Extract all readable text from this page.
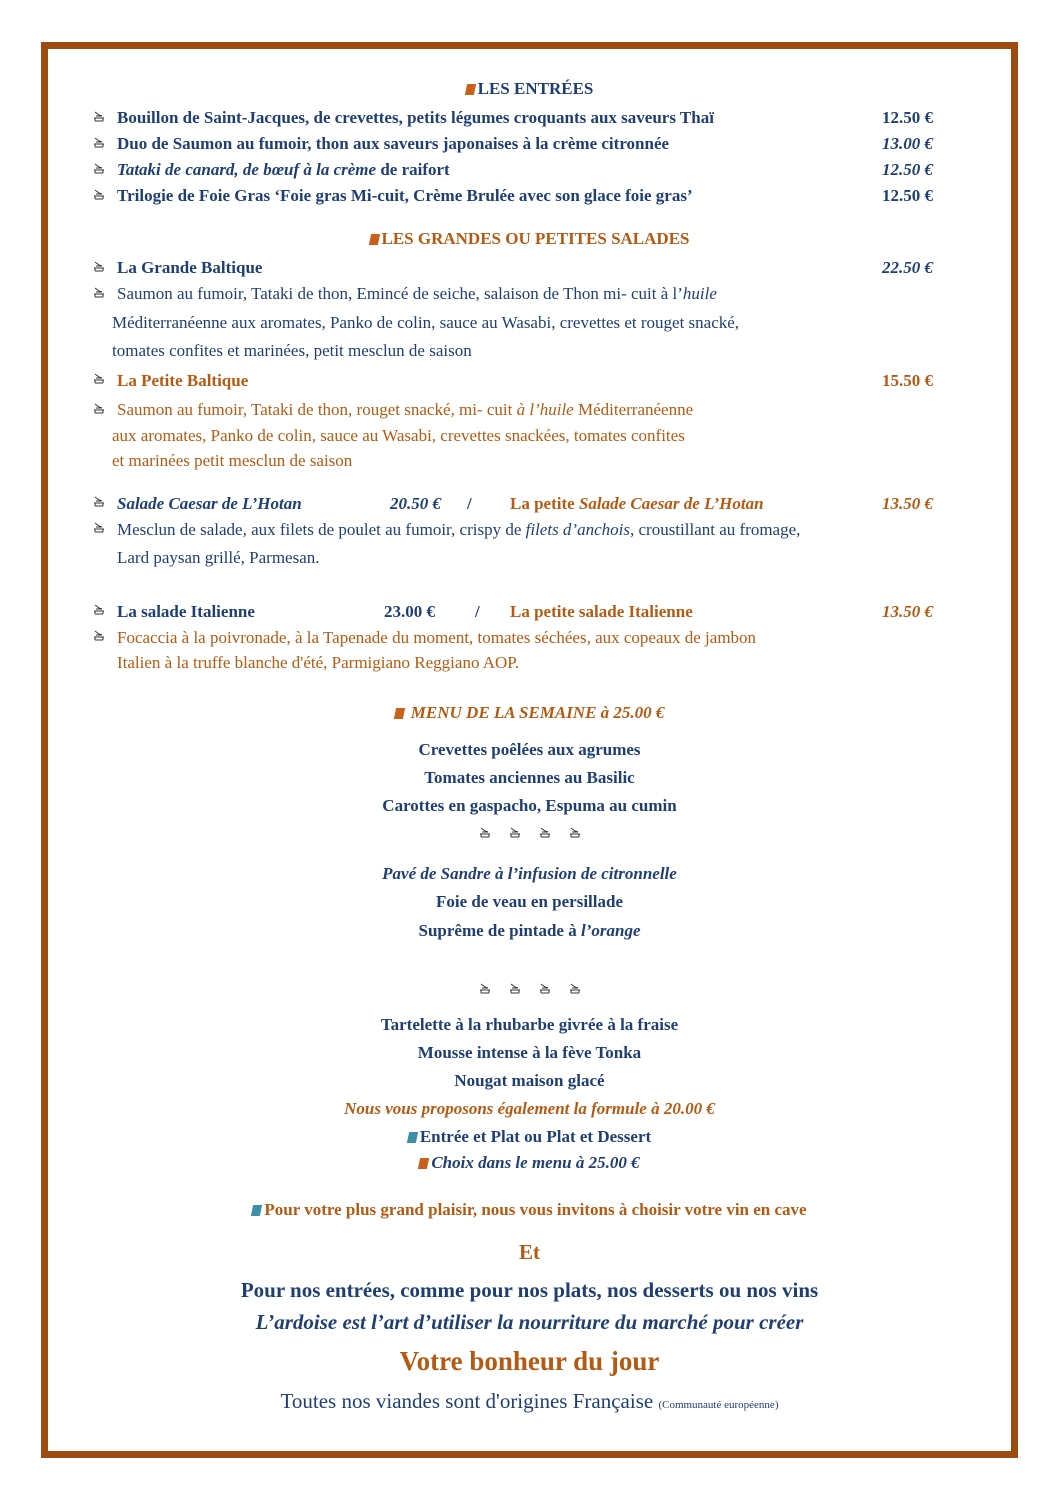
LES ENTRÉES
Bouillon de Saint-Jacques, de crevettes, petits légumes croquants aux saveurs Thaï	12.50 €
Duo de Saumon au fumoir, thon aux saveurs japonaises à la crème citronnée	13.00 €
Tataki de canard, de bœuf à la crème de raifort	12.50 €
Trilogie de Foie Gras ‘Foie gras Mi-cuit, Crème Brulée avec son glace foie gras’	12.50 €
LES GRANDES OU PETITES SALADES
La Grande Baltique	22.50 €
Saumon au fumoir, Tataki de thon, Emincé de seiche, salaison de Thon mi- cuit à l’huile
Méditerranéenne aux aromates, Panko de colin, sauce au Wasabi, crevettes et rouget snacké,
tomates confites et marinées, petit mesclun de saison
La Petite Baltique	15.50 €
Saumon au fumoir, Tataki de thon, rouget snacké, mi- cuit à l’huile Méditerranéenne
aux aromates, Panko de colin, sauce au Wasabi, crevettes snackées, tomates confites
et marinées petit mesclun de saison
Salade Caesar de L’Hotan	20.50 € / La petite Salade Caesar de L’Hotan	13.50 €
Mesclun de salade, aux filets de poulet au fumoir, crispy de filets d’anchois, croustillant au fromage,
Lard paysan grillé, Parmesan.
La salade Italienne	23.00 € / La petite salade Italienne	13.50 €
Focaccia à la poivronade, à la Tapenade du moment, tomates séchées, aux copeaux de jambon
Italien à la truffe blanche d'été, Parmigiano Reggiano AOP.
MENU DE LA SEMAINE à 25.00 €
Crevettes poêlées aux agrumes
Tomates anciennes au Basilic
Carottes en gaspacho, Espuma au cumin
Pavé de Sandre à l’infusion de citronnelle
Foie de veau en persillade
Suprême de pintade à l’orange
Tartelette à la rhubarbe givrée à la fraise
Mousse intense à la fève Tonka
Nougat maison glacé
Nous vous proposons également la formule à 20.00 €
Entrée et Plat ou Plat et Dessert
Choix dans le menu à 25.00 €
Pour votre plus grand plaisir, nous vous invitons à choisir votre vin en cave
Et
Pour nos entrées, comme pour nos plats, nos desserts ou nos vins
L’ardoise est l’art d’utiliser la nourriture du marché pour créer
Votre bonheur du jour
Toutes nos viandes sont d'origines Française (Communauté européenne)
